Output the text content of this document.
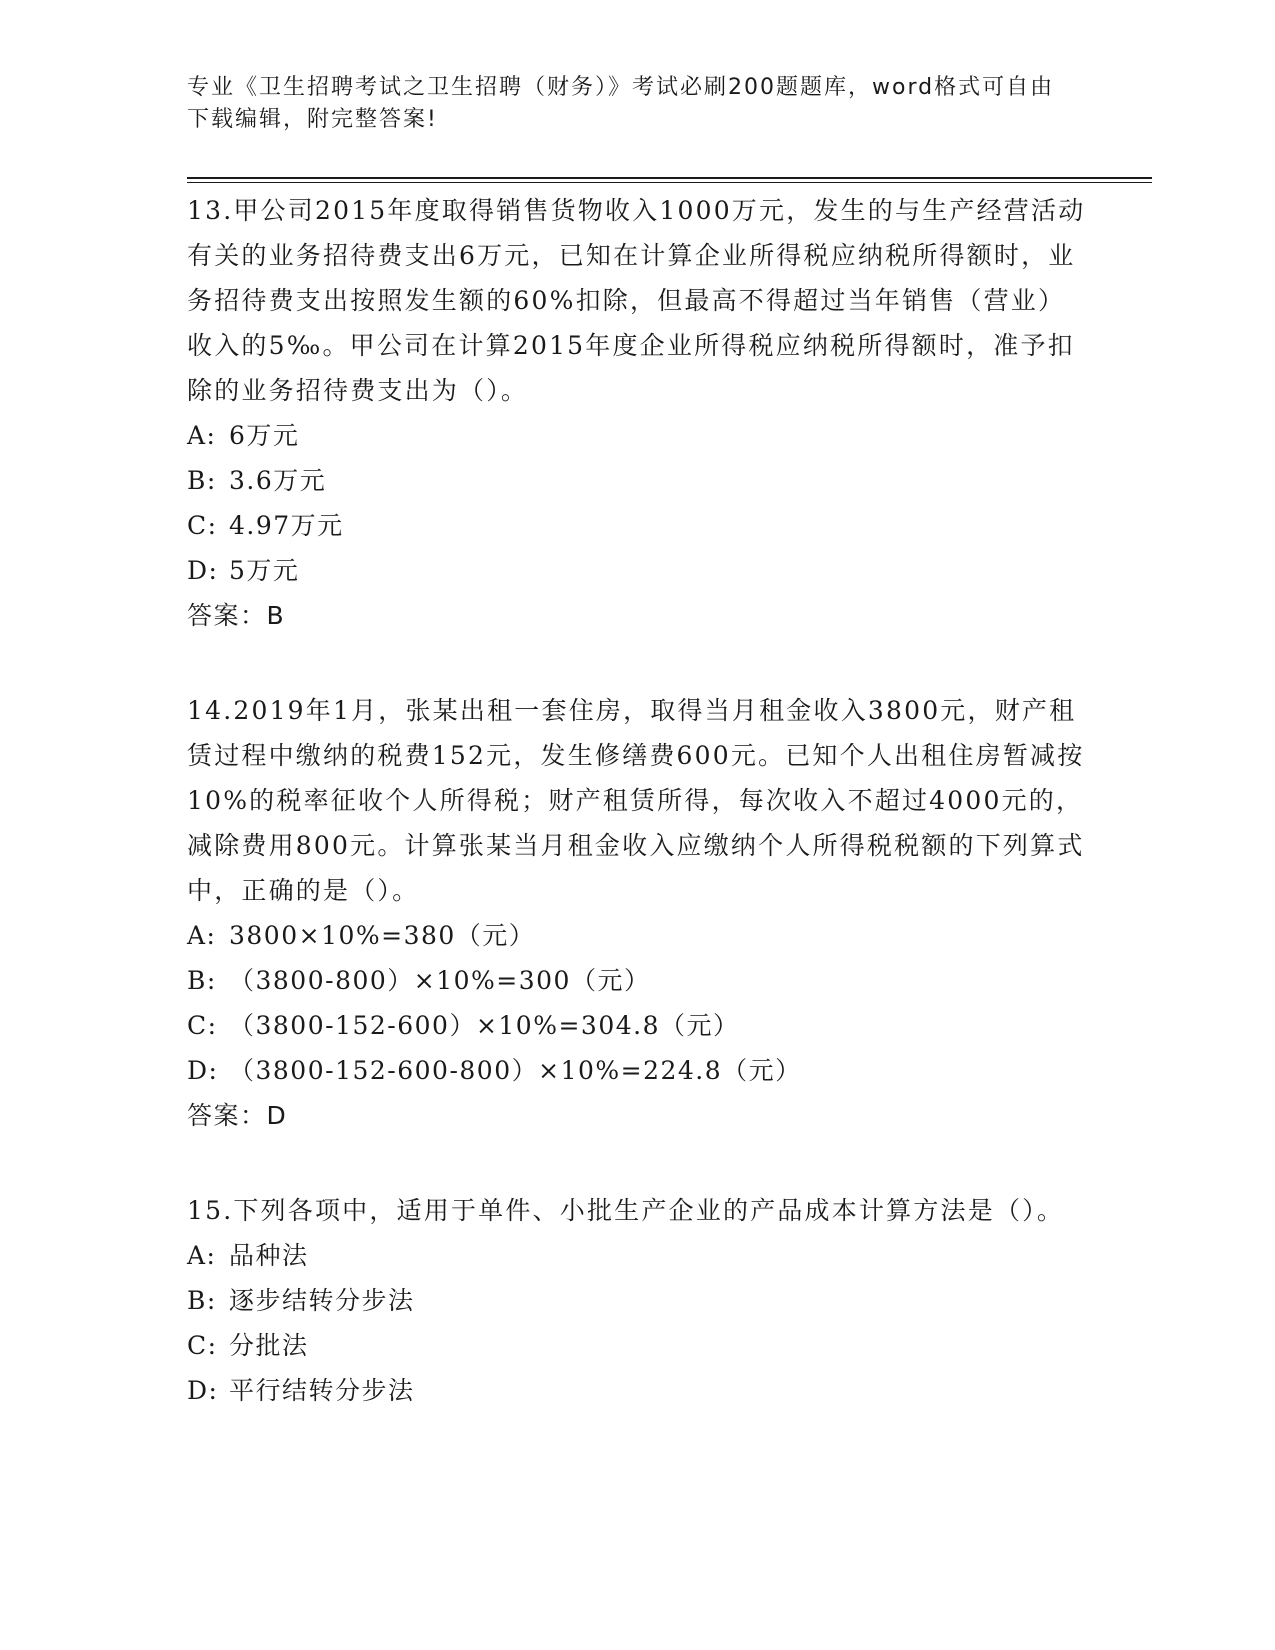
专业《卫生招聘考试之卫生招聘（财务）》考试必刷200题题库，word格式可自由下载编辑，附完整答案!

13.甲公司2015年度取得销售货物收入1000万元，发生的与生产经营活动有关的业务招待费支出6万元，已知在计算企业所得税应纳税所得额时，业务招待费支出按照发生额的60%扣除，但最高不得超过当年销售（营业）收入的5‰。甲公司在计算2015年度企业所得税应纳税所得额时，准予扣除的业务招待费支出为（）。

A: 6万元

B: 3.6万元

C: 4.97万元

D: 5万元

答案：B

14.2019年1月，张某出租一套住房，取得当月租金收入3800元，财产租赁过程中缴纳的税费152元，发生修缮费600元。已知个人出租住房暂减按10%的税率征收个人所得税；财产租赁所得，每次收入不超过4000元的，减除费用800元。计算张某当月租金收入应缴纳个人所得税税额的下列算式中，正确的是（）。

A: 3800×10%=380（元）

B: （3800-800）×10%=300（元）

C: （3800-152-600）×10%=304.8（元）

D: （3800-152-600-800）×10%=224.8（元）

答案：D

15.下列各项中，适用于单件、小批生产企业的产品成本计算方法是（）。

A: 品种法

B: 逐步结转分步法

C: 分批法

D: 平行结转分步法
